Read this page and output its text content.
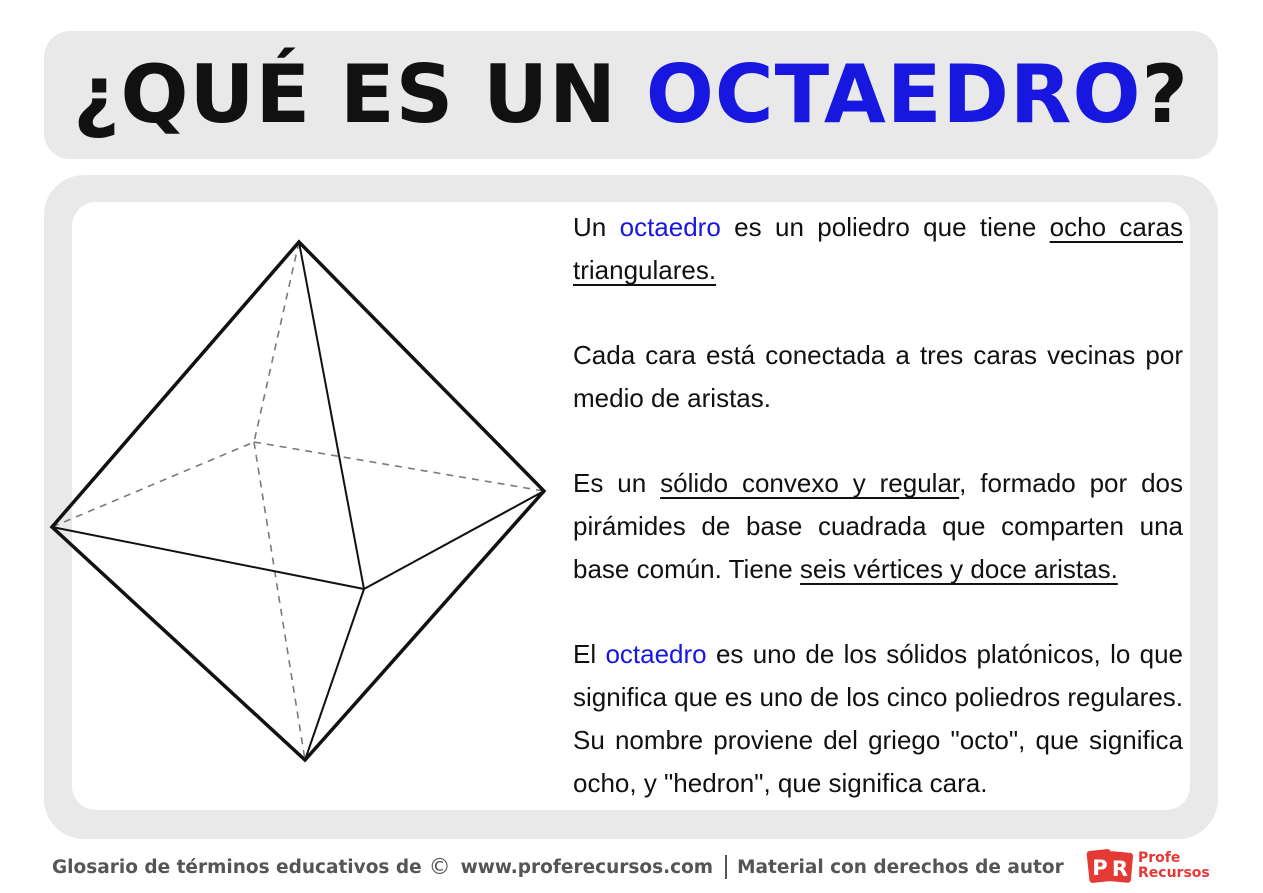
¿QUÉ ES UN OCTAEDRO?

Un octaedro es un poliedro que tiene ocho caras triangulares.

Cada cara está conectada a tres caras vecinas por medio de aristas.

Es un sólido convexo y regular, formado por dos pirámides de base cuadrada que comparten una base común. Tiene seis vértices y doce aristas.

El octaedro es uno de los sólidos platónicos, lo que significa que es uno de los cinco poliedros regulares. Su nombre proviene del griego "octo", que significa ocho, y "hedron", que significa cara.

Glosario de términos educativos de © www.proferecursos.com Material con derechos de autor P R Profe
Recursos
